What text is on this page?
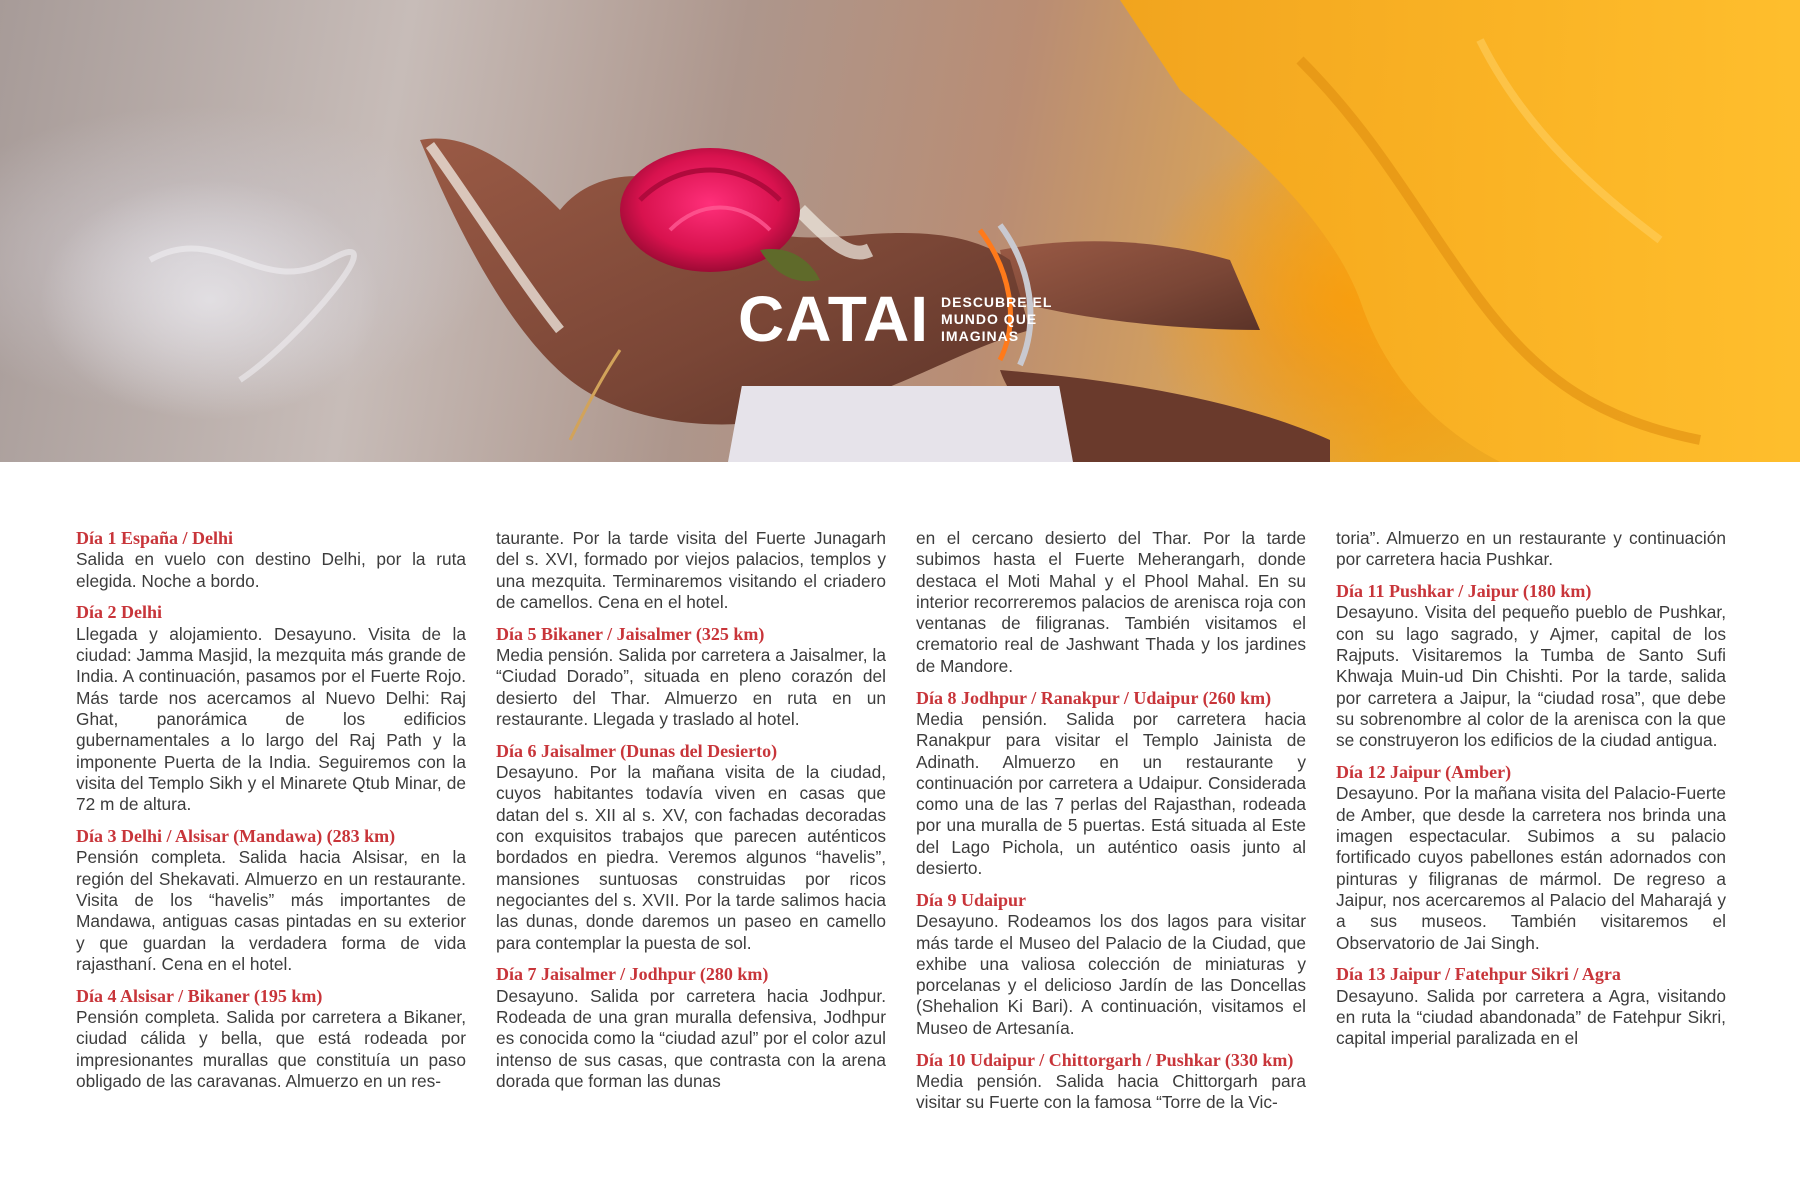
CATAI DESCUBRE EL
MUNDO QUE
IMAGINAS
Día 1 España / Delhi
Salida en vuelo con destino Delhi, por la ruta elegida. Noche a bordo.
Día 2 Delhi
Llegada y alojamiento. Desayuno. Visita de la ciudad: Jamma Masjid, la mezquita más grande de India. A continuación, pasamos por el Fuerte Rojo. Más tarde nos acercamos al Nuevo Delhi: Raj Ghat, panorámica de los edificios gubernamentales a lo largo del Raj Path y la imponente Puerta de la India. Seguiremos con la visita del Templo Sikh y el Minarete Qtub Minar, de 72 m de altura.
Día 3 Delhi / Alsisar (Mandawa) (283 km)
Pensión completa. Salida hacia Alsisar, en la región del Shekavati. Almuerzo en un restaurante. Visita de los “havelis” más importantes de Mandawa, antiguas casas pintadas en su exterior y que guardan la verdadera forma de vida rajasthaní. Cena en el hotel.
Día 4 Alsisar / Bikaner (195 km)
Pensión completa. Salida por carretera a Bikaner, ciudad cálida y bella, que está rodeada por impresionantes murallas que constituía un paso obligado de las caravanas. Almuerzo en un res-
taurante. Por la tarde visita del Fuerte Junagarh del s. XVI, formado por viejos palacios, templos y una mezquita. Terminaremos visitando el criadero de camellos. Cena en el hotel.
Día 5 Bikaner / Jaisalmer (325 km)
Media pensión. Salida por carretera a Jaisalmer, la “Ciudad Dorado”, situada en pleno corazón del desierto del Thar. Almuerzo en ruta en un restaurante. Llegada y traslado al hotel.
Día 6 Jaisalmer (Dunas del Desierto)
Desayuno. Por la mañana visita de la ciudad, cuyos habitantes todavía viven en casas que datan del s. XII al s. XV, con fachadas decoradas con exquisitos trabajos que parecen auténticos bordados en piedra. Veremos algunos “havelis”, mansiones suntuosas construidas por ricos negociantes del s. XVII. Por la tarde salimos hacia las dunas, donde daremos un paseo en camello para contemplar la puesta de sol.
Día 7 Jaisalmer / Jodhpur (280 km)
Desayuno. Salida por carretera hacia Jodhpur. Rodeada de una gran muralla defensiva, Jodhpur es conocida como la “ciudad azul” por el color azul intenso de sus casas, que contrasta con la arena dorada que forman las dunas
en el cercano desierto del Thar. Por la tarde subimos hasta el Fuerte Meherangarh, donde destaca el Moti Mahal y el Phool Mahal. En su interior recorreremos palacios de arenisca roja con ventanas de filigranas. También visitamos el crematorio real de Jashwant Thada y los jardines de Mandore.
Día 8 Jodhpur / Ranakpur / Udaipur (260 km)
Media pensión. Salida por carretera hacia Ranakpur para visitar el Templo Jainista de Adinath. Almuerzo en un restaurante y continuación por carretera a Udaipur. Considerada como una de las 7 perlas del Rajasthan, rodeada por una muralla de 5 puertas. Está situada al Este del Lago Pichola, un auténtico oasis junto al desierto.
Día 9 Udaipur
Desayuno. Rodeamos los dos lagos para visitar más tarde el Museo del Palacio de la Ciudad, que exhibe una valiosa colección de miniaturas y porcelanas y el delicioso Jardín de las Doncellas (Shehalion Ki Bari). A continuación, visitamos el Museo de Artesanía.
Día 10 Udaipur / Chittorgarh / Pushkar (330 km)
Media pensión. Salida hacia Chittorgarh para visitar su Fuerte con la famosa “Torre de la Vic-
toria”. Almuerzo en un restaurante y continuación por carretera hacia Pushkar.
Día 11 Pushkar / Jaipur (180 km)
Desayuno. Visita del pequeño pueblo de Pushkar, con su lago sagrado, y Ajmer, capital de los Rajputs. Visitaremos la Tumba de Santo Sufi Khwaja Muin-ud Din Chishti. Por la tarde, salida por carretera a Jaipur, la “ciudad rosa”, que debe su sobrenombre al color de la arenisca con la que se construyeron los edificios de la ciudad antigua.
Día 12 Jaipur (Amber)
Desayuno. Por la mañana visita del Palacio-Fuerte de Amber, que desde la carretera nos brinda una imagen espectacular. Subimos a su palacio fortificado cuyos pabellones están adornados con pinturas y filigranas de mármol. De regreso a Jaipur, nos acercaremos al Palacio del Maharajá y a sus museos. También visitaremos el Observatorio de Jai Singh.
Día 13 Jaipur / Fatehpur Sikri / Agra
Desayuno. Salida por carretera a Agra, visitando en ruta la “ciudad abandonada” de Fatehpur Sikri, capital imperial paralizada en el
